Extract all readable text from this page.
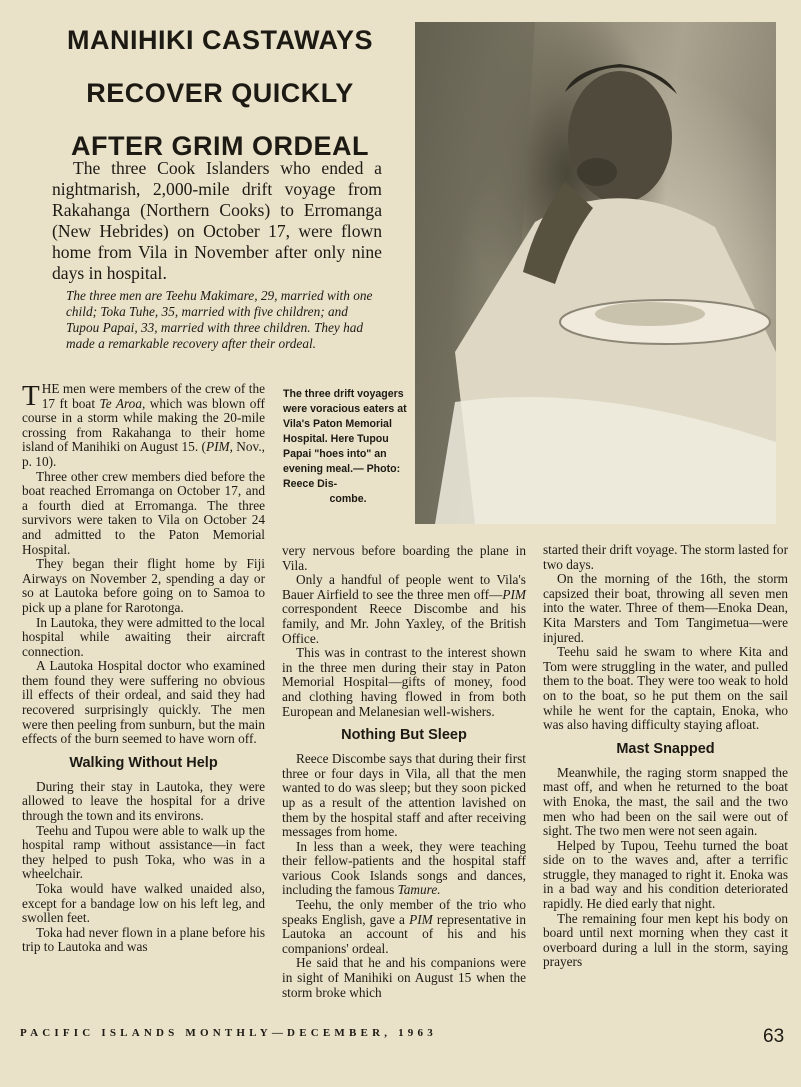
MANIHIKI CASTAWAYS
RECOVER QUICKLY
AFTER GRIM ORDEAL

The three Cook Islanders who ended a nightmarish, 2,000-mile drift voyage from Rakahanga (Northern Cooks) to Erromanga (New Hebrides) on October 17, were flown home from Vila in November after only nine days in hospital.

The three men are Teehu Makimare, 29, married with one child; Toka Tuhe, 35, married with five children; and Tupou Papai, 33, married with three children. They had made a remarkable recovery after their ordeal.

The three drift voyagers were voracious eaters at Vila's Paton Memorial Hospital. Here Tupou Papai "hoes into" an evening meal.— Photo: Reece Dis-
combe.

THE men were members of the crew of the 17 ft boat Te Aroa, which was blown off course in a storm while making the 20-mile crossing from Rakahanga to their home island of Manihiki on August 15. (PIM, Nov., p. 10).

Three other crew members died before the boat reached Erromanga on October 17, and a fourth died at Erromanga. The three survivors were taken to Vila on October 24 and admitted to the Paton Memorial Hospital.

They began their flight home by Fiji Airways on November 2, spending a day or so at Lautoka before going on to Samoa to pick up a plane for Rarotonga.

In Lautoka, they were admitted to the local hospital while awaiting their aircraft connection.

A Lautoka Hospital doctor who examined them found they were suffering no obvious ill effects of their ordeal, and said they had recovered surprisingly quickly. The men were then peeling from sunburn, but the main effects of the burn seemed to have worn off.

Walking Without Help

During their stay in Lautoka, they were allowed to leave the hospital for a drive through the town and its environs.

Teehu and Tupou were able to walk up the hospital ramp without assistance—in fact they helped to push Toka, who was in a wheelchair.

Toka would have walked unaided also, except for a bandage low on his left leg, and swollen feet.

Toka had never flown in a plane before his trip to Lautoka and was

very nervous before boarding the plane in Vila.

Only a handful of people went to Vila's Bauer Airfield to see the three men off—PIM correspondent Reece Discombe and his family, and Mr. John Yaxley, of the British Office.

This was in contrast to the interest shown in the three men during their stay in Paton Memorial Hospital—gifts of money, food and clothing having flowed in from both European and Melanesian well-wishers.

Nothing But Sleep

Reece Discombe says that during their first three or four days in Vila, all that the men wanted to do was sleep; but they soon picked up as a result of the attention lavished on them by the hospital staff and after receiving messages from home.

In less than a week, they were teaching their fellow-patients and the hospital staff various Cook Islands songs and dances, including the famous Tamure.

Teehu, the only member of the trio who speaks English, gave a PIM representative in Lautoka an account of his and his companions' ordeal.

He said that he and his companions were in sight of Manihiki on August 15 when the storm broke which

started their drift voyage. The storm lasted for two days.

On the morning of the 16th, the storm capsized their boat, throwing all seven men into the water. Three of them—Enoka Dean, Kita Marsters and Tom Tangimetua—were injured.

Teehu said he swam to where Kita and Tom were struggling in the water, and pulled them to the boat. They were too weak to hold on to the boat, so he put them on the sail while he went for the captain, Enoka, who was also having difficulty staying afloat.

Mast Snapped

Meanwhile, the raging storm snapped the mast off, and when he returned to the boat with Enoka, the mast, the sail and the two men who had been on the sail were out of sight. The two men were not seen again.

Helped by Tupou, Teehu turned the boat side on to the waves and, after a terrific struggle, they managed to right it. Enoka was in a bad way and his condition deteriorated rapidly. He died early that night.

The remaining four men kept his body on board until next morning when they cast it overboard during a lull in the storm, saying prayers

PACIFIC ISLANDS MONTHLY—DECEMBER, 1963	63
